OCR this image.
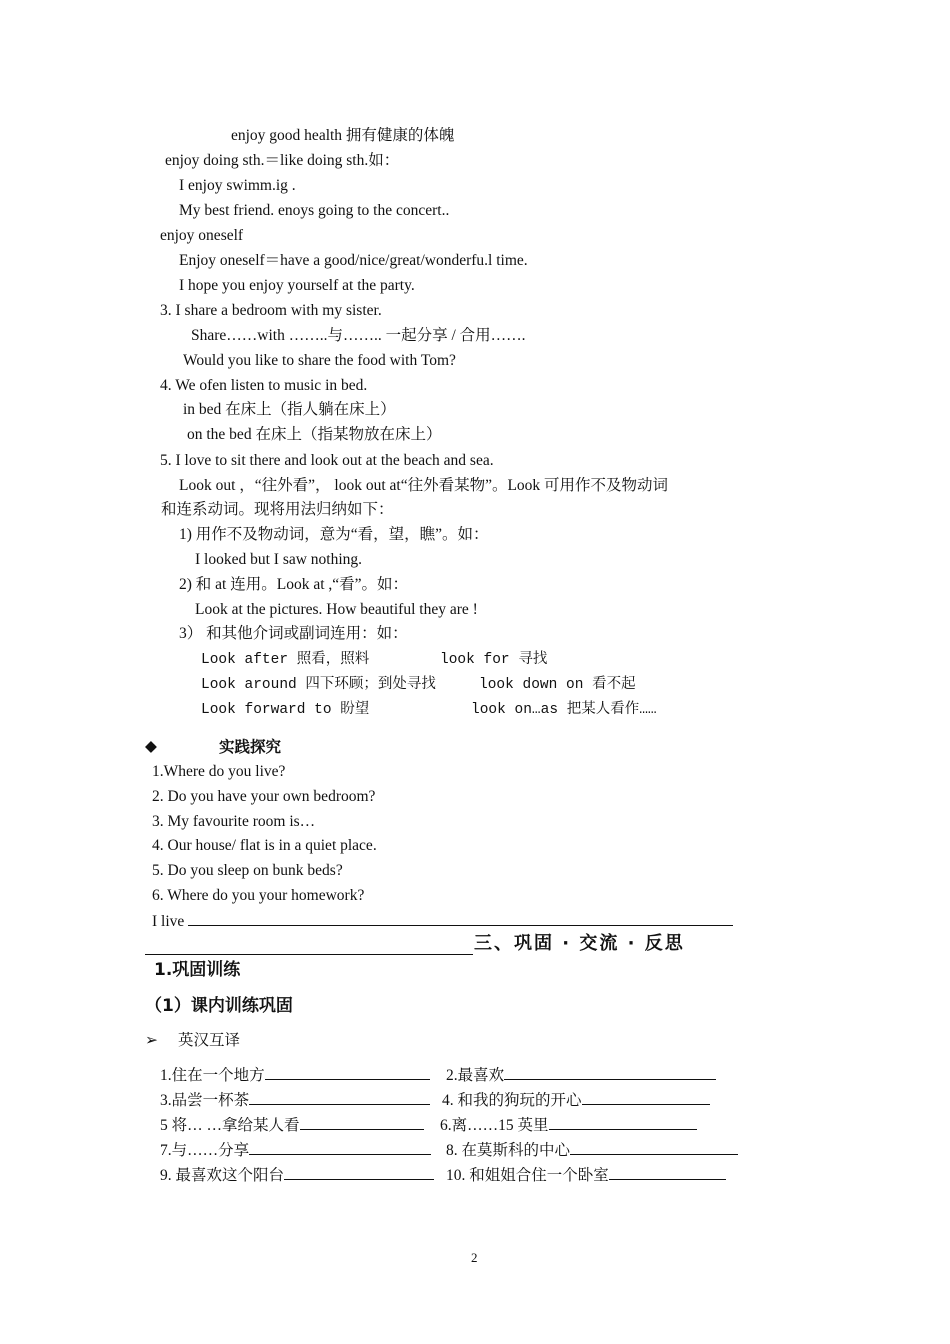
enjoy good health 拥有健康的体魄
enjoy doing sth.＝like doing sth.如：
I enjoy swimm.ig .
My best friend. enoys going to the concert..
enjoy oneself
Enjoy oneself＝have a good/nice/great/wonderfu.l time.
I hope you enjoy yourself at the party.
3. I share a bedroom with my sister.
Share……with ……..与…….. 一起分享 / 合用…….
Would you like to share the food with Tom?
4. We ofen listen to music in bed.
in bed 在床上（指人躺在床上）
on the bed 在床上（指某物放在床上）
5. I love to sit there and look out at the beach and sea.
Look out ，“往外看”， look out at“往外看某物”。Look 可用作不及物动词
和连系动词。现将用法归纳如下：
1) 用作不及物动词，意为“看，望，瞧”。如：
I looked but I saw nothing.
2) 和 at 连用。Look at ,“看”。如：
Look at the pictures. How beautiful they are !
3） 和其他介词或副词连用：如：
Look after 照看，照料	look for 寻找
Look around 四下环顾；到处寻找	look down on 看不起
Look forward to 盼望	look on…as 把某人看作……
◆	实践探究
1.Where do you live?
2. Do you have your own bedroom?
3. My favourite room is…
4. Our house/ flat is in a quiet place.
5. Do you sleep on bunk beds?
6. Where do you your homework?
I live
三、巩固 · 交流 · 反思
1.巩固训练
（1）课内训练巩固
➢ 英汉互译
1.住在一个地方	2.最喜欢
3.品尝一杯茶	4. 和我的狗玩的开心
5 将… …拿给某人看	6.离……15 英里
7.与……分享	8. 在莫斯科的中心
9. 最喜欢这个阳台	10. 和姐姐合住一个卧室
2
